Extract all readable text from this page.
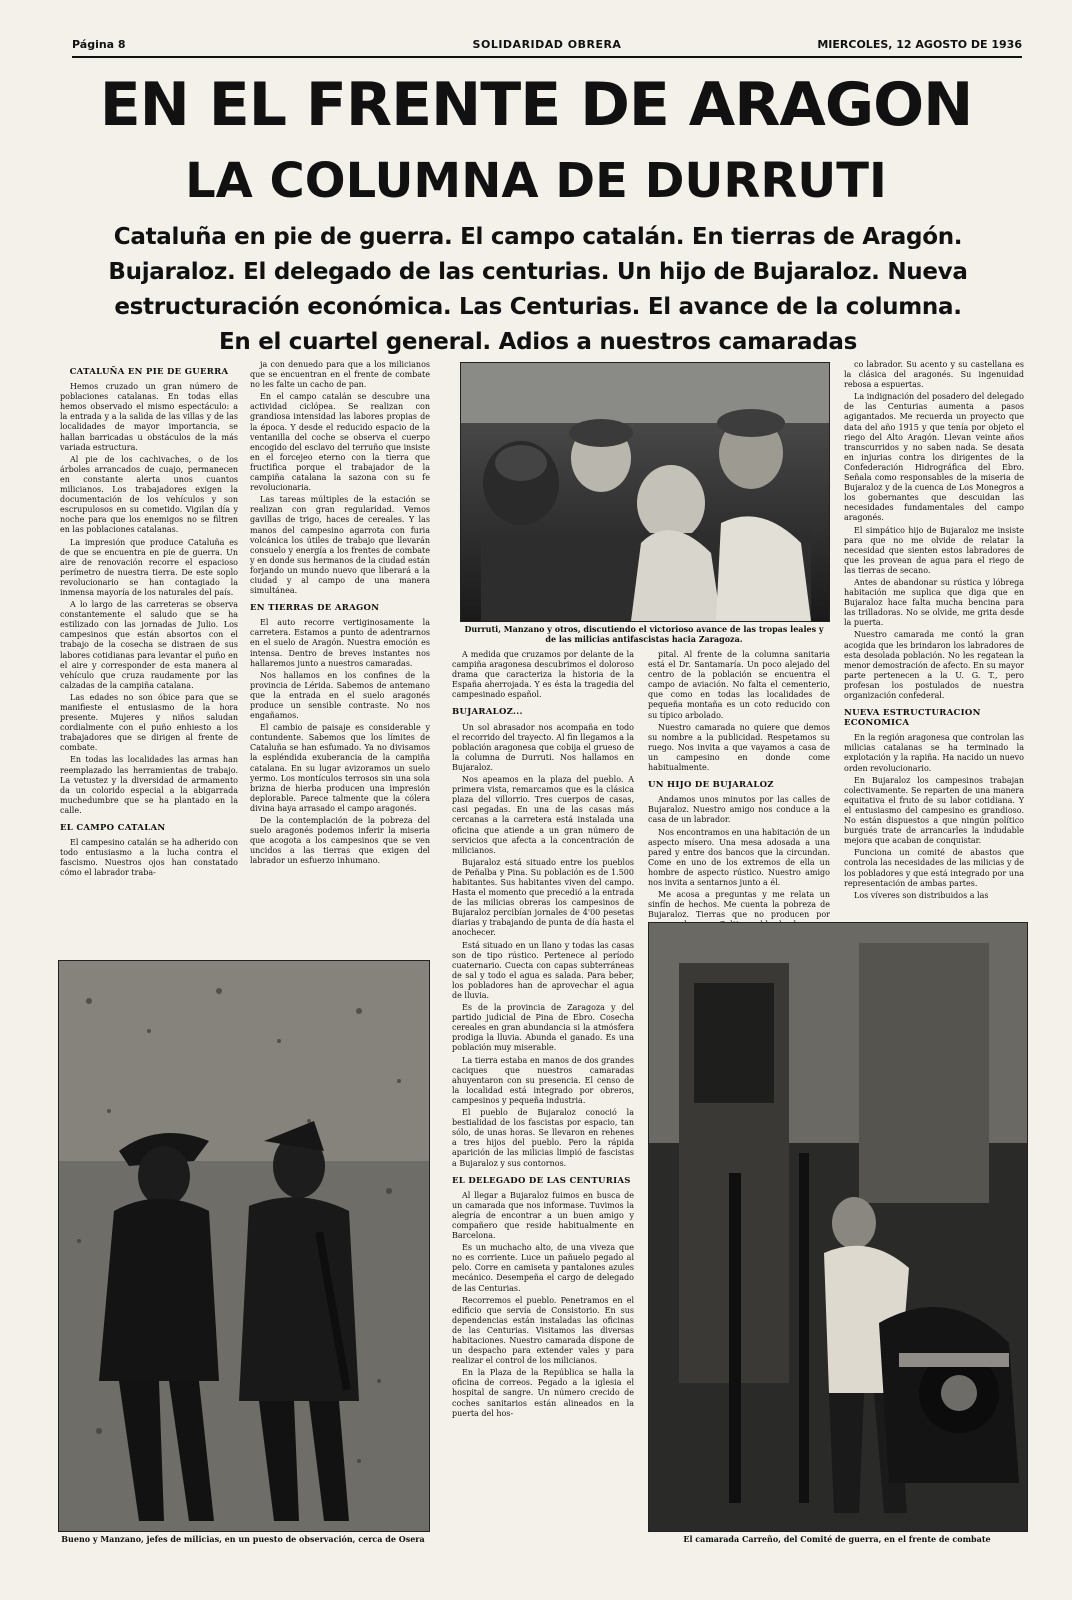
Página 8	SOLIDARIDAD OBRERA	MIERCOLES, 12 AGOSTO DE 1936
EN EL FRENTE DE ARAGON
LA COLUMNA DE DURRUTI
Cataluña en pie de guerra. El campo catalán. En tierras de Aragón.
Bujaraloz. El delegado de las centurias. Un hijo de Bujaraloz. Nueva
estructuración económica. Las Centurias. El avance de la columna.
En el cuartel general. Adios a nuestros camaradas
CATALUÑA EN PIE DE GUERRA

Hemos cruzado un gran número de poblaciones catalanas. En todas ellas hemos observado el mismo espectáculo: a la entrada y a la salida de las villas y de las localidades de mayor importancia, se hallan barricadas u obstáculos de la más variada estructura.

Al pie de los cachivaches, o de los árboles arrancados de cuajo, permanecen en constante alerta unos cuantos milicianos. Los trabajadores exigen la documentación de los vehículos y son escrupulosos en su cometido. Vigilan día y noche para que los enemigos no se filtren en las poblaciones catalanas.

La impresión que produce Cataluña es de que se encuentra en pie de guerra. Un aire de renovación recorre el espacioso perímetro de nuestra tierra. De este soplo revolucionario se han contagiado la inmensa mayoría de los naturales del país.

A lo largo de las carreteras se observa constantemente el saludo que se ha estilizado con las jornadas de Julio. Los campesinos que están absortos con el trabajo de la cosecha se distraen de sus labores cotidianas para levantar el puño en el aire y corresponder de esta manera al vehículo que cruza raudamente por las calzadas de la campiña catalana.

Las edades no son óbice para que se manifieste el entusiasmo de la hora presente. Mujeres y niños saludan cordialmente con el puño enhiesto a los trabajadores que se dirigen al frente de combate.

En todas las localidades las armas han reemplazado las herramientas de trabajo. La vetustez y la diversidad de armamento da un colorido especial a la abigarrada muchedumbre que se ha plantado en la calle.

EL CAMPO CATALAN

El campesino catalán se ha adherido con todo entusiasmo a la lucha contra el fascismo. Nuestros ojos han constatado cómo el labrador traba-

ja con denuedo para que a los milicianos que se encuentran en el frente de combate no les falte un cacho de pan.

En el campo catalán se descubre una actividad ciclópea. Se realizan con grandiosa intensidad las labores propias de la época. Y desde el reducido espacio de la ventanilla del coche se observa el cuerpo encogido del esclavo del terruño que insiste en el forcejeo eterno con la tierra que fructifica porque el trabajador de la campiña catalana la sazona con su fe revolucionaria.

Las tareas múltiples de la estación se realizan con gran regularidad. Vemos gavillas de trigo, haces de cereales. Y las manos del campesino agarrota con furia volcánica los útiles de trabajo que llevarán consuelo y energía a los frentes de combate y en donde sus hermanos de la ciudad están forjando un mundo nuevo que liberará a la ciudad y al campo de una manera simultánea.

EN TIERRAS DE ARAGON

El auto recorre vertiginosamente la carretera. Estamos a punto de adentrarnos en el suelo de Aragón. Nuestra emoción es intensa. Dentro de breves instantes nos hallaremos junto a nuestros camaradas.

Nos hallamos en los confines de la provincia de Lérida. Sabemos de antemano que la entrada en el suelo aragonés produce un sensible contraste. No nos engañamos.

El cambio de paisaje es considerable y contundente. Sabemos que los límites de Cataluña se han esfumado. Ya no divisamos la espléndida exuberancia de la campiña catalana. En su lugar avizoramos un suelo yermo. Los montículos terrosos sin una sola brizna de hierba producen una impresión deplorable. Parece talmente que la cólera divina haya arrasado el campo aragonés.

De la contemplación de la pobreza del suelo aragonés podemos inferir la miseria que acogota a los campesinos que se ven uncidos a las tierras que exigen del labrador un esfuerzo inhumano.

Durruti, Manzano y otros, discutiendo el victorioso avance de las tropas leales y de las milicias antifascistas hacia Zaragoza.

A medida que cruzamos por delante de la campiña aragonesa descubrimos el doloroso drama que caracteriza la historia de la España aherrojada. Y es ésta la tragedia del campesinado español.

BUJARALOZ...

Un sol abrasador nos acompaña en todo el recorrido del trayecto. Al fin llegamos a la población aragonesa que cobija el grueso de la columna de Durruti. Nos hallamos en Bujaraloz.

Nos apeamos en la plaza del pueblo. A primera vista, remarcamos que es la clásica plaza del villorrio. Tres cuerpos de casas, casi pegadas. En una de las casas más cercanas a la carretera está instalada una oficina que atiende a un gran número de servicios que afecta a la concentración de milicianos.

Bujaraloz está situado entre los pueblos de Peñalba y Pina. Su población es de 1.500 habitantes. Sus habitantes viven del campo. Hasta el momento que precedió a la entrada de las milicias obreras los campesinos de Bujaraloz percibían jornales de 4'00 pesetas diarias y trabajando de punta de día hasta el anochecer.

Está situado en un llano y todas las casas son de tipo rústico. Pertenece al período cuaternario. Cuecta con capas subterráneas de sal y todo el agua es salada. Para beber, los pobladores han de aprovechar el agua de lluvia.

Es de la provincia de Zaragoza y del partido judicial de Pina de Ebro. Cosecha cereales en gran abundancia si la atmósfera prodiga la lluvia. Abunda el ganado. Es una población muy miserable.

La tierra estaba en manos de dos grandes caciques que nuestros camaradas ahuyentaron con su presencia. El censo de la localidad está integrado por obreros, campesinos y pequeña industria.

El pueblo de Bujaraloz conoció la bestialidad de los fascistas por espacio, tan sólo, de unas horas. Se llevaron en rehenes a tres hijos del pueblo. Pero la rápida aparición de las milicias limpió de fascistas a Bujaraloz y sus contornos.

EL DELEGADO DE LAS CENTURIAS

Al llegar a Bujaraloz fuimos en busca de un camarada que nos informase. Tuvimos la alegría de encontrar a un buen amigo y compañero que reside habitualmente en Barcelona.

Es un muchacho alto, de una viveza que no es corriente. Luce un pañuelo pegado al pelo. Corre en camiseta y pantalones azules mecánico. Desempeña el cargo de delegado de las Centurias.

Recorremos el pueblo. Penetramos en el edificio que servía de Consistorio. En sus dependencias están instaladas las oficinas de las Centurias. Visitamos las diversas habitaciones. Nuestro camarada dispone de un despacho para extender vales y para realizar el control de los milicianos.

En la Plaza de la República se halla la oficina de correos. Pegado a la iglesia el hospital de sangre. Un número crecido de coches sanitarios están alineados en la puerta del hos-

pital. Al frente de la columna sanitaria está el Dr. Santamaría. Un poco alejado del centro de la población se encuentra el campo de aviación. No falta el cementerio, que como en todas las localidades de pequeña montaña es un coto reducido con su típico arbolado.

Nuestro camarada no quiere que demos su nombre a la publicidad. Respetamos su ruego. Nos invita a que vayamos a casa de un campesino en donde come habitualmente.

UN HIJO DE BUJARALOZ

Andamos unos minutos por las calles de Bujaraloz. Nuestro amigo nos conduce a la casa de un labrador.

Nos encontramos en una habitación de un aspecto mísero. Una mesa adosada a una pared y entre dos bancos que la circundan. Come en uno de los extremos de ella un hombre de aspecto rústico. Nuestro amigo nos invita a sentarnos junto a él.

Me acosa a preguntas y me relata un sinfín de hechos. Me cuenta la pobreza de Bujaraloz. Tierras que no producen por

co labrador. Su acento y su castellana es la clásica del aragonés. Su ingenuidad rebosa a espuertas.

La indignación del posadero del delegado de las Centurias aumenta a pasos agigantados. Me recuerda un proyecto que data del año 1915 y que tenía por objeto el riego del Alto Aragón. Llevan veinte años transcurridos y no saben nada. Se desata en injurias contra los dirigentes de la Confederación Hidrográfica del Ebro. Señala como responsables de la miseria de Bujaraloz y de la cuenca de Los Monegros a los gobernantes que descuidan las necesidades fundamentales del campo aragonés.

El simpático hijo de Bujaraloz me insiste para que no me olvide de relatar la necesidad que sienten estos labradores de que les provean de agua para el riego de las tierras de secano.

Antes de abandonar su rústica y lóbrega habitación me suplica que diga que en Bujaraloz hace falta mucha bencina para las trilladoras. No se olvide, me grita desde la puerta.

Nuestro camarada me contó la gran acogida que les brindaron los labradores de esta desolada población. No les regatean la menor demostración de afecto. En su mayor parte pertenecen a la U. G. T., pero profesan los postulados de nuestra organización confederal.

NUEVA ESTRUCTURACION ECONOMICA

En la región aragonesa que controlan las milicias catalanas se ha terminado la explotación y la rapiña. Ha nacido un nuevo orden revolucionario.

En Bujaraloz los campesinos trabajan colectivamente. Se reparten de una manera equitativa el fruto de su labor cotidiana. Y el entusiasmo del campesino es grandioso. No están dispuestos a que ningún político burgués trate de arrancarles la indudable mejora que acaban de conquistar.

Funciona un comité de abastos que controla las necesidades de las milicias y de los pobladores y que está integrado por una representación de ambas partes.

Los víveres son distribuidos a las

Bueno y Manzano, jefes de milicias, en un puesto de observación, cerca de Osera	El camarada Carreño, del Comité de guerra, en el frente de combate
